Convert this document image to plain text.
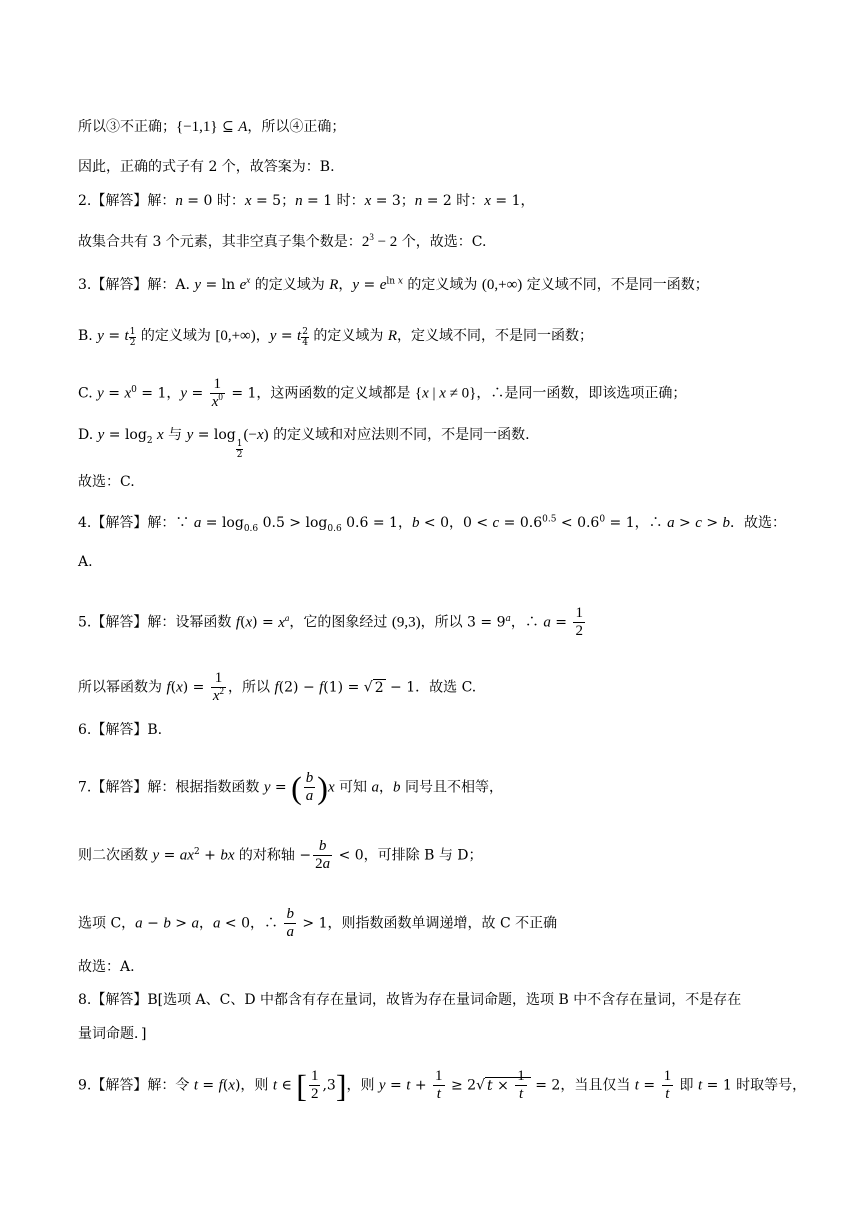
所以③不正确；{−1,1} ⊆ A，所以④正确；
因此，正确的式子有 2 个，故答案为：B.
2.【解答】解：n = 0 时：x = 5；n = 1 时：x = 3；n = 2 时：x = 1，
故集合共有 3 个元素，其非空真子集个数是：$2^3 - 2$ 个，故选：C.
3.【解答】解：A. $y = \ln e^x$ 的定义域为 R，$y = e^{ln x}$ 的定义域为 (0,+∞) 定义域不同，不是同一函数；
B. y = t $\frac{1}{2}$ 的定义域为 [0,+∞)，y = t $\frac{2}{4}$ 的定义域为 R，定义域不同，不是同一函数；
C. $y = x^0 = 1$，$y = \frac{1}{x^0} = 1$，这两函数的定义域都是 {x | x ≠ 0}，∴是同一函数，即该选项正确；
D. $y = \log_2 x$ 与 y = log
$_{\frac{1}{2}}$
(−x) 的定义域和对应法则不同，不是同一函数.
故选：C.
4.【解答】解：∵ $a = \log_{0.6} 0.5 > \log_{0.6} 0.6 = 1$，b < 0，$0 < c = 0.6^{0.5} < 0.6^0 = 1$，∴ a > c > b．故选：
A.
5.【解答】解：设幂函数 $f(x) = x^a$，它的图象经过 (9,3)，所以 $3 = 9^a$，∴ $a = \frac{1}{2}$
所以幂函数为 $f(x) = \frac{1}{x^2}$ ，所以 f(2) − f(1) = √ 2 − 1．故选 C.
6.【解答】B.
7.【解答】解：根据指数函数 y = ( $\frac{b}{a} )x$ 可知 a，b 同号且不相等，
则二次函数 $y = ax^2$ + bx 的对称轴 − $\frac{b}{2a} < 0$，可排除 B 与 D；
选项 C，a − b > a，a < 0，∴ $\frac{b}{a} > 1$，则指数函数单调递增，故 C 不正确
故选：A.
8.【解答】B[选项 A、C、D 中都含有存在量词，故皆为存在量词命题，选项 B 中不含存在量词，不是存在
量词命题．]
9.【解答】解：令 t = f(x)，则 t ∈ [ $\frac{1}{2} ,3$]，则 $y = t + \frac{1}{t} \ge 2√$ $t \times \frac{1}{t} = 2$，当且仅当 $t = \frac{1}{t}$ 即 t = 1 时取等号，
